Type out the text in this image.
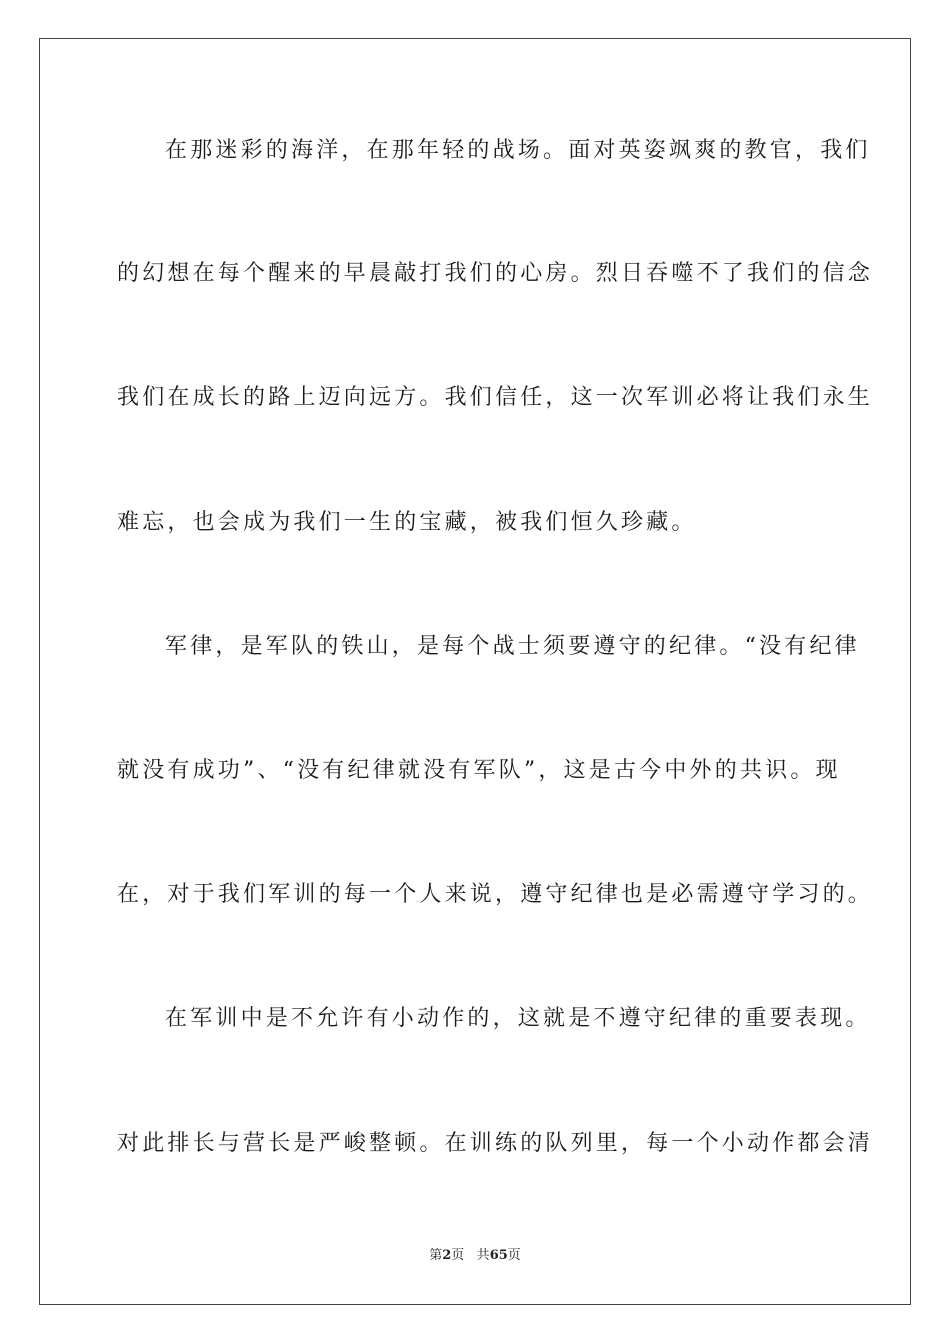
在那迷彩的海洋，在那年轻的战场。面对英姿飒爽的教官，我们
的幻想在每个醒来的早晨敲打我们的心房。烈日吞噬不了我们的信念
我们在成长的路上迈向远方。我们信任，这一次军训必将让我们永生
难忘，也会成为我们一生的宝藏，被我们恒久珍藏。
军律，是军队的铁山，是每个战士须要遵守的纪律。“没有纪律
就没有成功”、“没有纪律就没有军队”，这是古今中外的共识。现
在，对于我们军训的每一个人来说，遵守纪律也是必需遵守学习的。
在军训中是不允许有小动作的，这就是不遵守纪律的重要表现。
对此排长与营长是严峻整顿。在训练的队列里，每一个小动作都会清
第2页 共65页
